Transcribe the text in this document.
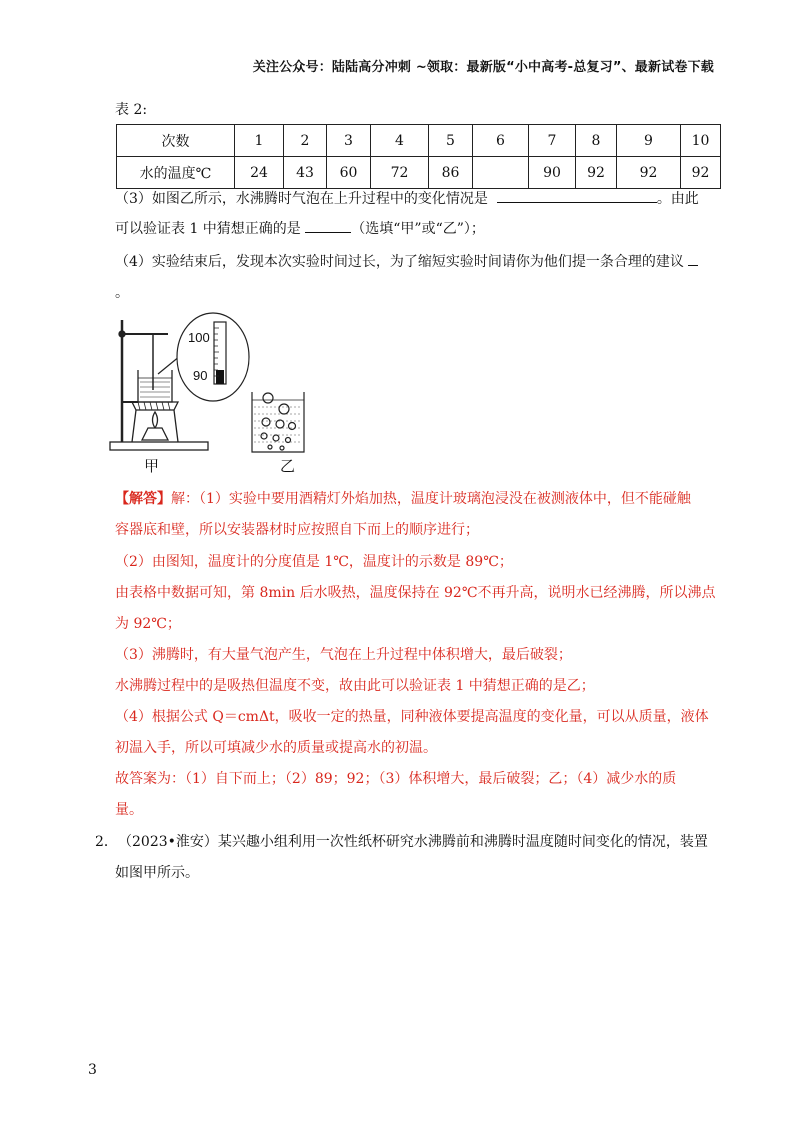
关注公众号：陆陆高分冲刺 ~领取：最新版“小中高考-总复习”、最新试卷下载
表 2:
次数	1	2	3	4	5	6	7	8	9	10
水的温度℃	24	43	60	72	86		90	92	92	92
（3）如图乙所示，水沸腾时气泡在上升过程中的变化情况是	。由此
可以验证表 1 中猜想正确的是	（选填“甲”或“乙”）；
（4）实验结束后，发现本次实验时间过长，为了缩短实验时间请你为他们提一条合理的建议
。
100
90
甲	乙
【解答】解：（1）实验中要用酒精灯外焰加热，温度计玻璃泡浸没在被测液体中，但不能碰触
容器底和壁，所以安装器材时应按照自下而上的顺序进行；
（2）由图知，温度计的分度值是 1℃，温度计的示数是 89℃；
由表格中数据可知，第 8min 后水吸热，温度保持在 92℃不再升高，说明水已经沸腾，所以沸点
为 92℃；
（3）沸腾时，有大量气泡产生，气泡在上升过程中体积增大，最后破裂；
水沸腾过程中的是吸热但温度不变，故由此可以验证表 1 中猜想正确的是乙；
（4）根据公式 Q＝cmΔt，吸收一定的热量，同种液体要提高温度的变化量，可以从质量，液体
初温入手，所以可填减少水的质量或提高水的初温。
故答案为：（1）自下而上；（2）89；92；（3）体积增大，最后破裂；乙；（4）减少水的质
量。
2． （2023•淮安）某兴趣小组利用一次性纸杯研究水沸腾前和沸腾时温度随时间变化的情况，装置
如图甲所示。
3
